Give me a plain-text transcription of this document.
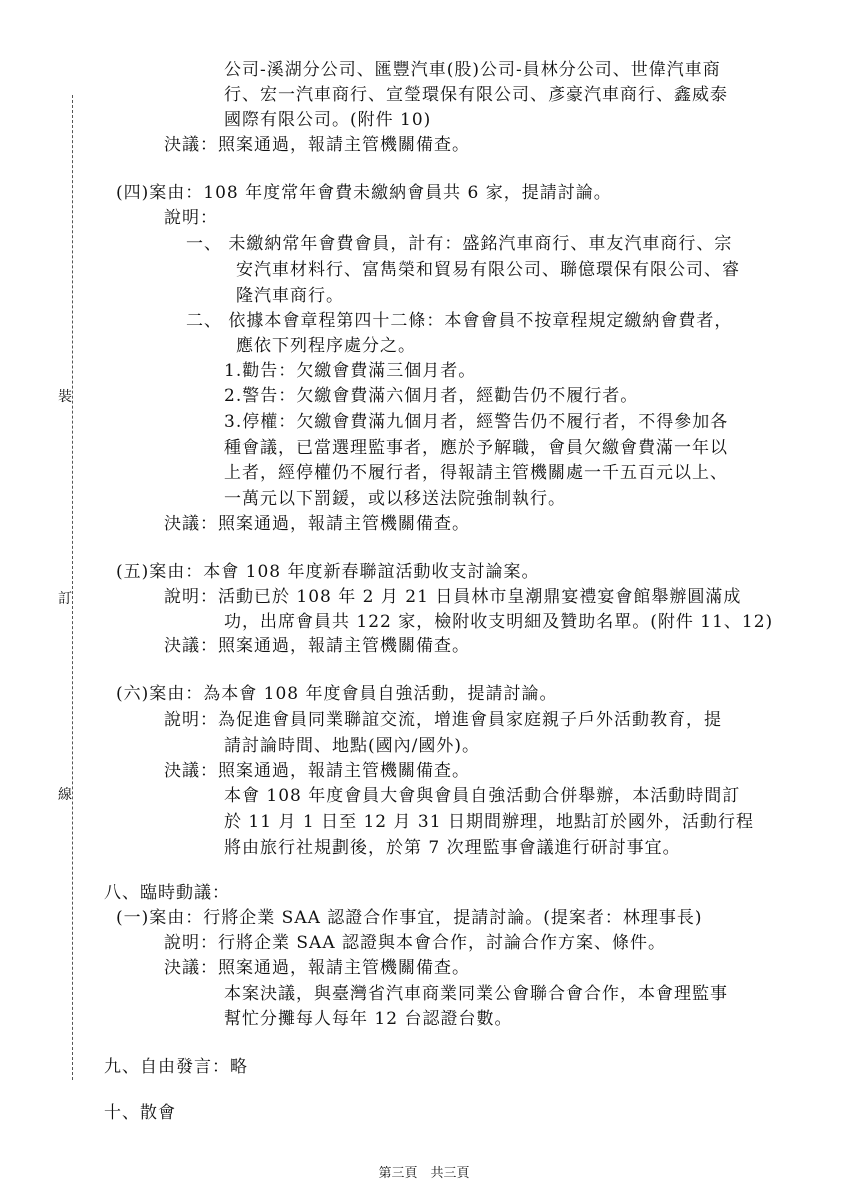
裝
訂
線
公司-溪湖分公司、匯豐汽車(股)公司-員林分公司、世偉汽車商
行、宏一汽車商行、宣瑩環保有限公司、彥豪汽車商行、鑫威泰
國際有限公司。(附件 10)
決議：照案通過，報請主管機關備查。
(四)案由：108 年度常年會費未繳納會員共 6 家，提請討論。
說明：
一、 未繳納常年會費會員，計有：盛銘汽車商行、車友汽車商行、宗
安汽車材料行、富雋榮和貿易有限公司、聯億環保有限公司、睿
隆汽車商行。
二、 依據本會章程第四十二條：本會會員不按章程規定繳納會費者，
應依下列程序處分之。
1.勸告：欠繳會費滿三個月者。
2.警告：欠繳會費滿六個月者，經勸告仍不履行者。
3.停權：欠繳會費滿九個月者，經警告仍不履行者，不得參加各
種會議，已當選理監事者，應於予解職，會員欠繳會費滿一年以
上者，經停權仍不履行者，得報請主管機關處一千五百元以上、
一萬元以下罰鍰，或以移送法院強制執行。
決議：照案通過，報請主管機關備查。
(五)案由：本會 108 年度新春聯誼活動收支討論案。
說明：活動已於 108 年 2 月 21 日員林市皇潮鼎宴禮宴會館舉辦圓滿成
功，出席會員共 122 家，檢附收支明細及贊助名單。(附件 11、12)
決議：照案通過，報請主管機關備查。
(六)案由：為本會 108 年度會員自強活動，提請討論。
說明：為促進會員同業聯誼交流，增進會員家庭親子戶外活動教育，提
請討論時間、地點(國內/國外)。
決議：照案通過，報請主管機關備查。
本會 108 年度會員大會與會員自強活動合併舉辦，本活動時間訂
於 11 月 1 日至 12 月 31 日期間辦理，地點訂於國外，活動行程
將由旅行社規劃後，於第 7 次理監事會議進行研討事宜。
八、臨時動議：
(一)案由：行將企業 SAA 認證合作事宜，提請討論。(提案者：林理事長)
說明：行將企業 SAA 認證與本會合作，討論合作方案、條件。
決議：照案通過，報請主管機關備查。
本案決議，與臺灣省汽車商業同業公會聯合會合作，本會理監事
幫忙分攤每人每年 12 台認證台數。
九、自由發言：略
十、散會
第三頁　共三頁
